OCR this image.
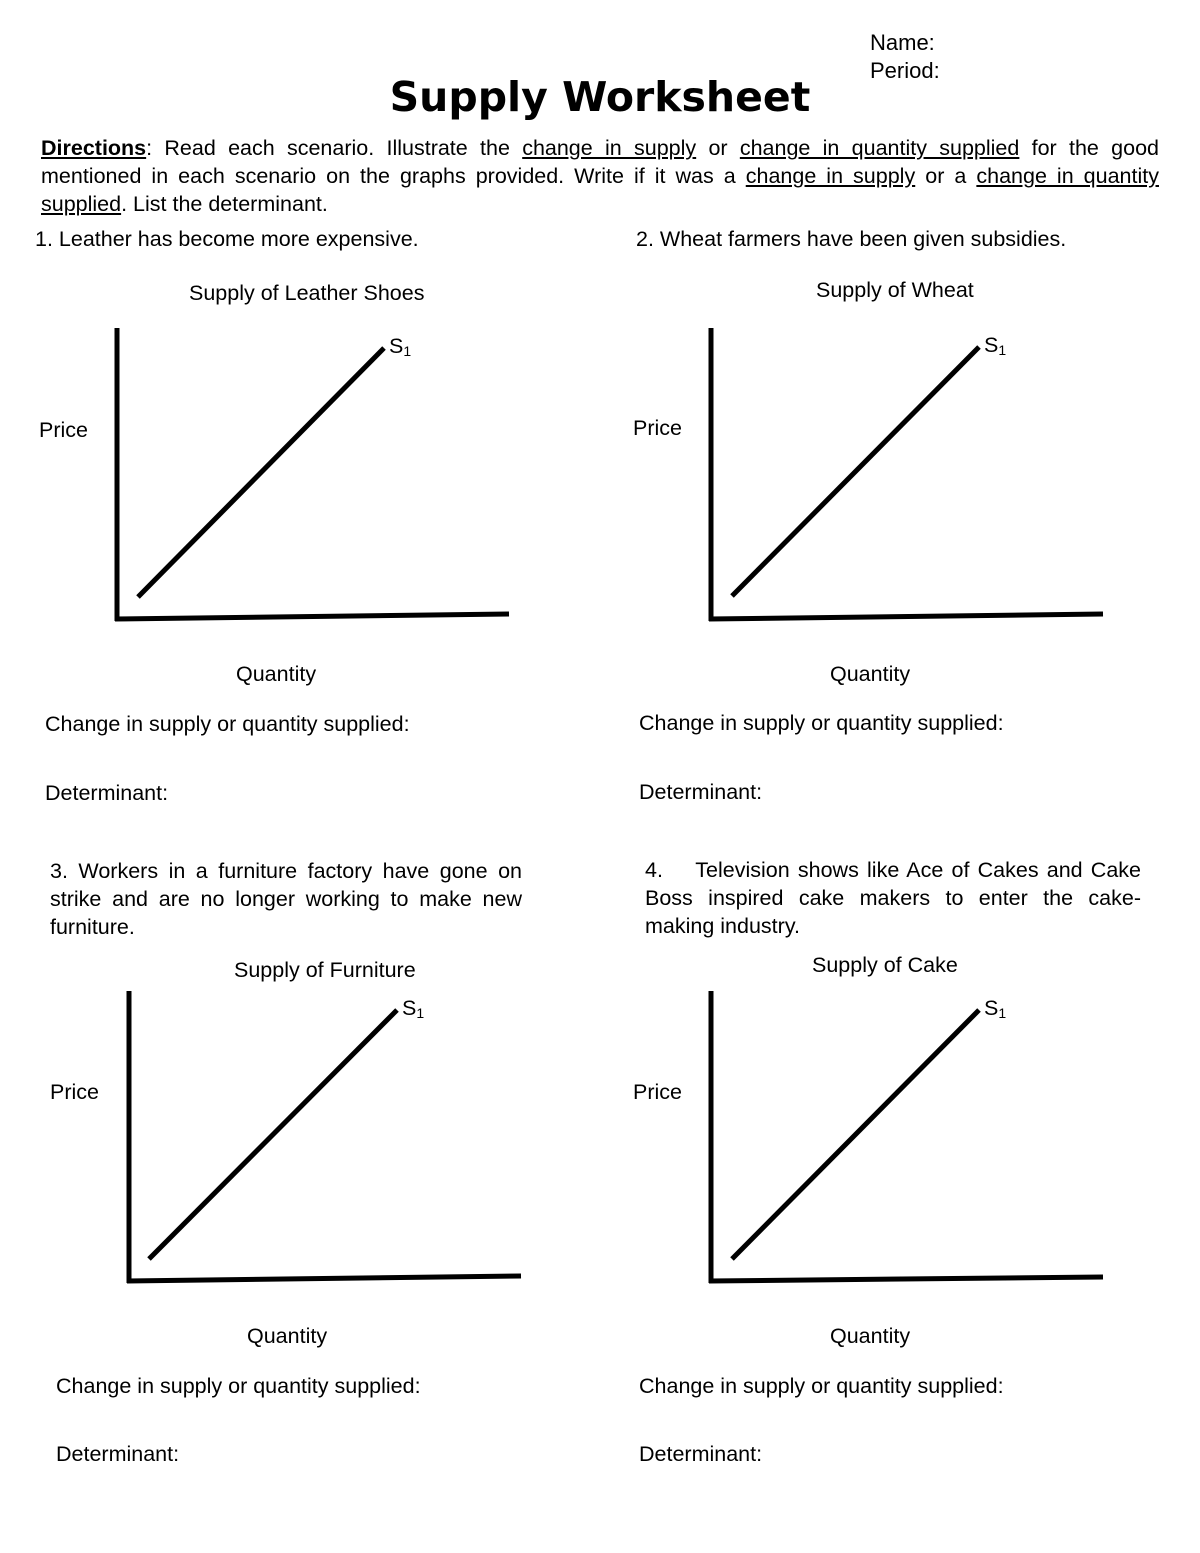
Name:
Period:
Supply Worksheet
Directions: Read each scenario. Illustrate the change in supply or change in quantity supplied for the good mentioned in each scenario on the graphs provided. Write if it was a change in supply or a change in quantity supplied. List the determinant.
1. Leather has become more expensive.
Supply of Leather Shoes
Price
$S_1$
Quantity
Change in supply or quantity supplied:
Determinant:
2. Wheat farmers have been given subsidies.
Supply of Wheat
Price
$S_1$
Quantity
Change in supply or quantity supplied:
Determinant:
3. Workers in a furniture factory have gone on strike and are no longer working to make new furniture.
Supply of Furniture
Price
$S_1$
Quantity
Change in supply or quantity supplied:
Determinant:
4.    Television shows like Ace of Cakes and Cake Boss inspired cake makers to enter the cake-making industry.
Supply of Cake
Price
$S_1$
Quantity
Change in supply or quantity supplied:
Determinant:
